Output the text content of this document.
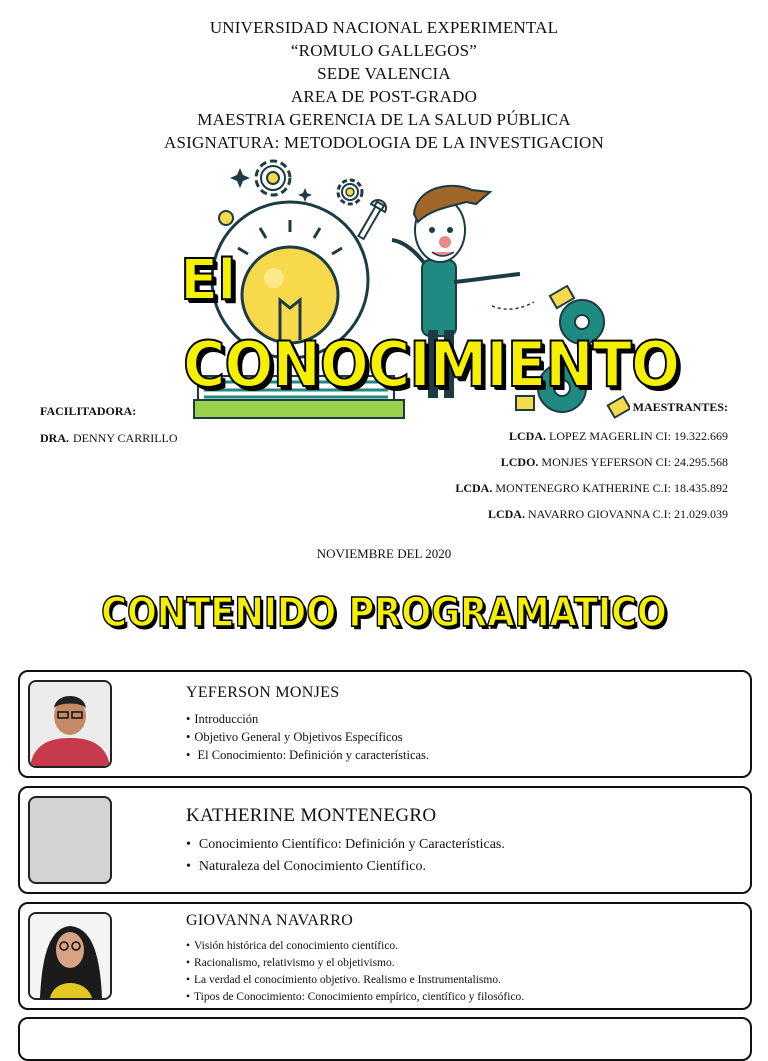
UNIVERSIDAD NACIONAL EXPERIMENTAL
“ROMULO GALLEGOS”
SEDE VALENCIA
AREA DE POST-GRADO
MAESTRIA GERENCIA DE LA SALUD PÚBLICA
ASIGNATURA: METODOLOGIA DE LA INVESTIGACION
El
CONOCIMIENTO
FACILITADORA:
DRA. DENNY CARRILLO
MAESTRANTES:
LCDA. LOPEZ MAGERLIN CI: 19.322.669
LCDO. MONJES YEFERSON CI: 24.295.568
LCDA. MONTENEGRO KATHERINE C.I: 18.435.892
LCDA. NAVARRO GIOVANNA C.I: 21.029.039
NOVIEMBRE DEL 2020
CONTENIDO PROGRAMATICO
YEFERSON MONJES
• Introducción
• Objetivo General y Objetivos Específicos
• El Conocimiento: Definición y características.
KATHERINE MONTENEGRO
• Conocimiento Científico: Definición y Características.
• Naturaleza del Conocimiento Científico.
GIOVANNA NAVARRO
• Visión histórica del conocimiento científico.
• Racionalismo, relativismo y el objetivismo.
• La verdad el conocimiento objetivo. Realismo e Instrumentalismo.
• Tipos de Conocimiento: Conocimiento empírico, científico y filosófico.
